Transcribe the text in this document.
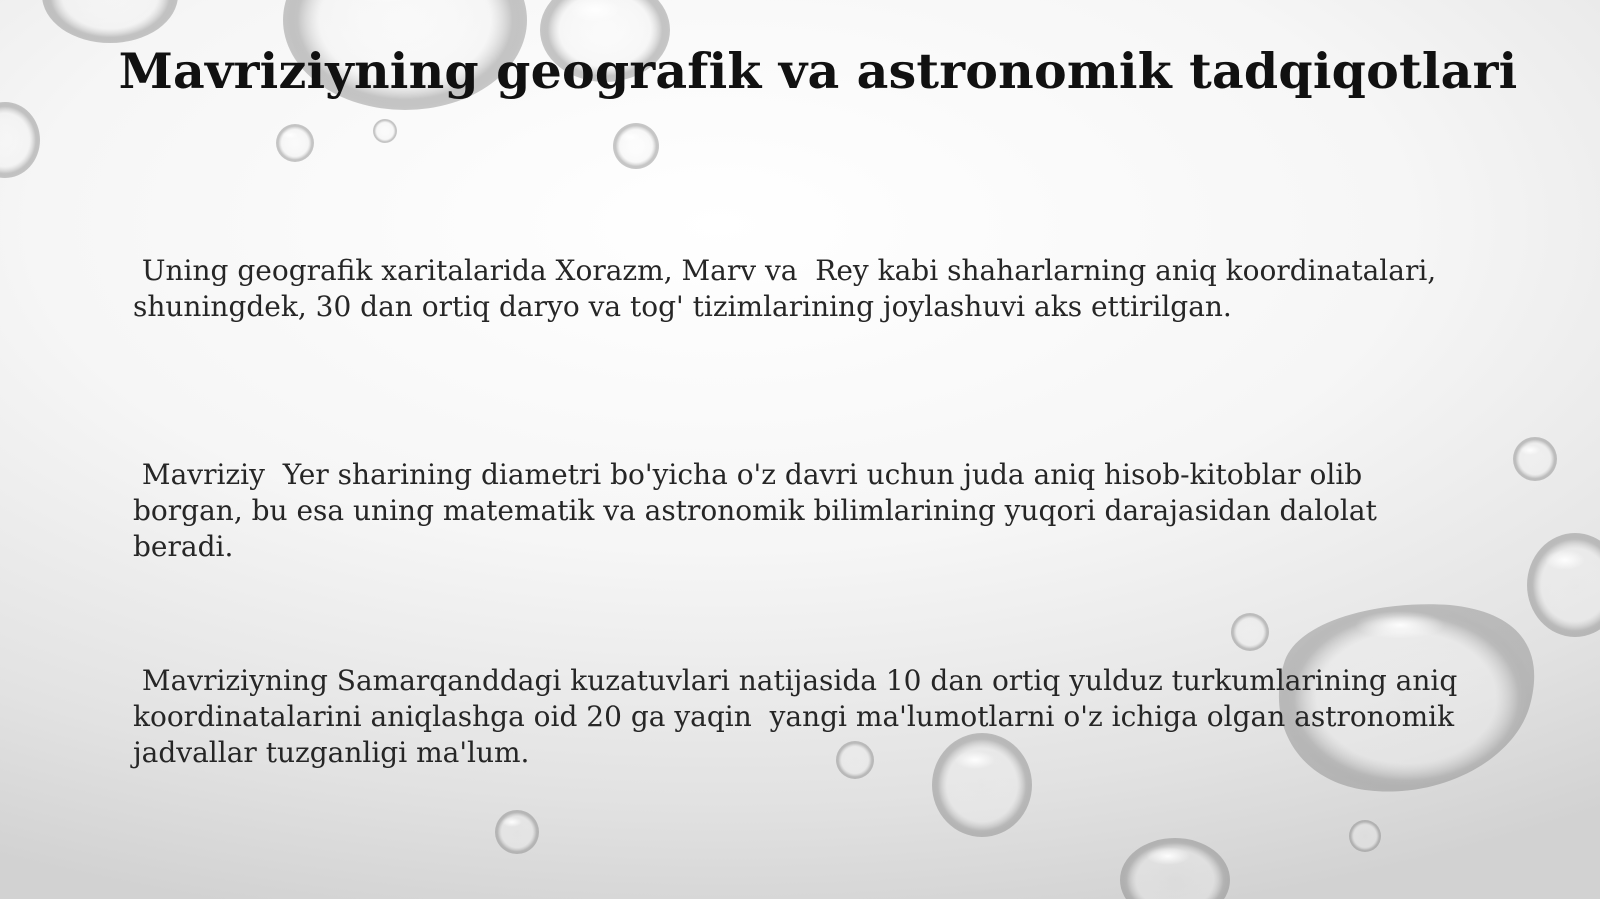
Mavriziyning geografik va astronomik tadqiqotlari

Uning geografik xaritalarida Xorazm, Marv va  Rey kabi shaharlarning aniq koordinatalari,
shuningdek, 30 dan ortiq daryo va tog' tizimlarining joylashuvi aks ettirilgan.

Mavriziy  Yer sharining diametri bo'yicha o'z davri uchun juda aniq hisob-kitoblar olib
borgan, bu esa uning matematik va astronomik bilimlarining yuqori darajasidan dalolat
beradi.

Mavriziyning Samarqanddagi kuzatuvlari natijasida 10 dan ortiq yulduz turkumlarining aniq
koordinatalarini aniqlashga oid 20 ga yaqin  yangi ma'lumotlarni o'z ichiga olgan astronomik
jadvallar tuzganligi ma'lum.
